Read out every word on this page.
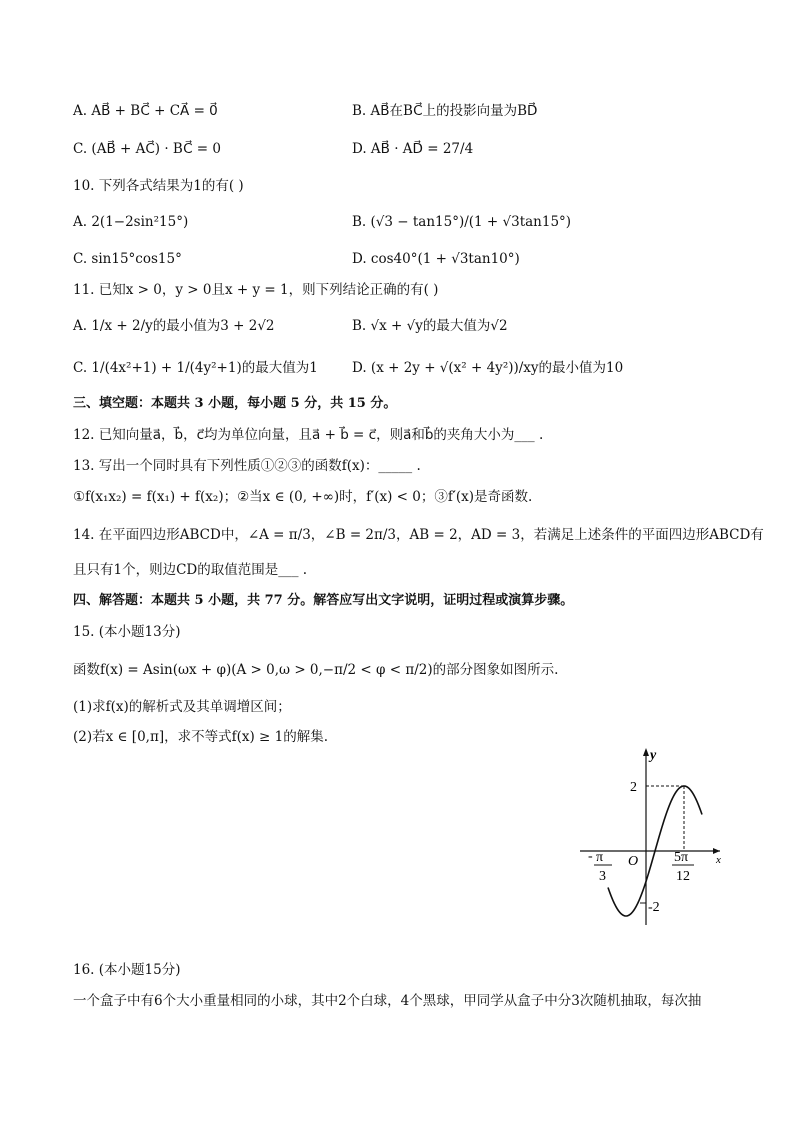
A. AB⃗ + BC⃗ + CA⃗ = 0⃗	B. AB⃗在BC⃗上的投影向量为BD⃗
C. (AB⃗ + AC⃗) · BC⃗ = 0	D. AB⃗ · AD⃗ = 27/4
10. 下列各式结果为1的有( )
A. 2(1−2sin²15°)	B. (√3 − tan15°)/(1 + √3tan15°)
C. sin15°cos15°	D. cos40°(1 + √3tan10°)
11. 已知x > 0，y > 0且x + y = 1，则下列结论正确的有( )
A. 1/x + 2/y的最小值为3 + 2√2	B. √x + √y的最大值为√2
C. 1/(4x²+1) + 1/(4y²+1)的最大值为1	D. (x + 2y + √(x² + 4y²))/xy的最小值为10
三、填空题：本题共 3 小题，每小题 5 分，共 15 分。
12. 已知向量a⃗，b⃗，c⃗均为单位向量，且a⃗ + b⃗ = c⃗，则a⃗和b⃗的夹角大小为___ .
13. 写出一个同时具有下列性质①②③的函数f(x)：_____ .
①f(x₁x₂) = f(x₁) + f(x₂)；②当x ∈ (0, +∞)时，f′(x) < 0；③f′(x)是奇函数.
14. 在平面四边形ABCD中，∠A = π/3，∠B = 2π/3，AB = 2，AD = 3，若满足上述条件的平面四边形ABCD有
且只有1个，则边CD的取值范围是___ .
四、解答题：本题共 5 小题，共 77 分。解答应写出文字说明，证明过程或演算步骤。
15. (本小题13分)
函数f(x) = Asin(ωx + φ)(A > 0,ω > 0,−π/2 < φ < π/2)的部分图象如图所示.
(1)求f(x)的解析式及其单调增区间；
(2)若x ∈ [0,π]，求不等式f(x) ≥ 1的解集.
y
x
O
2
-2
- π
3
5π
12
16. (本小题15分)
一个盒子中有6个大小重量相同的小球，其中2个白球，4个黑球，甲同学从盒子中分3次随机抽取，每次抽
